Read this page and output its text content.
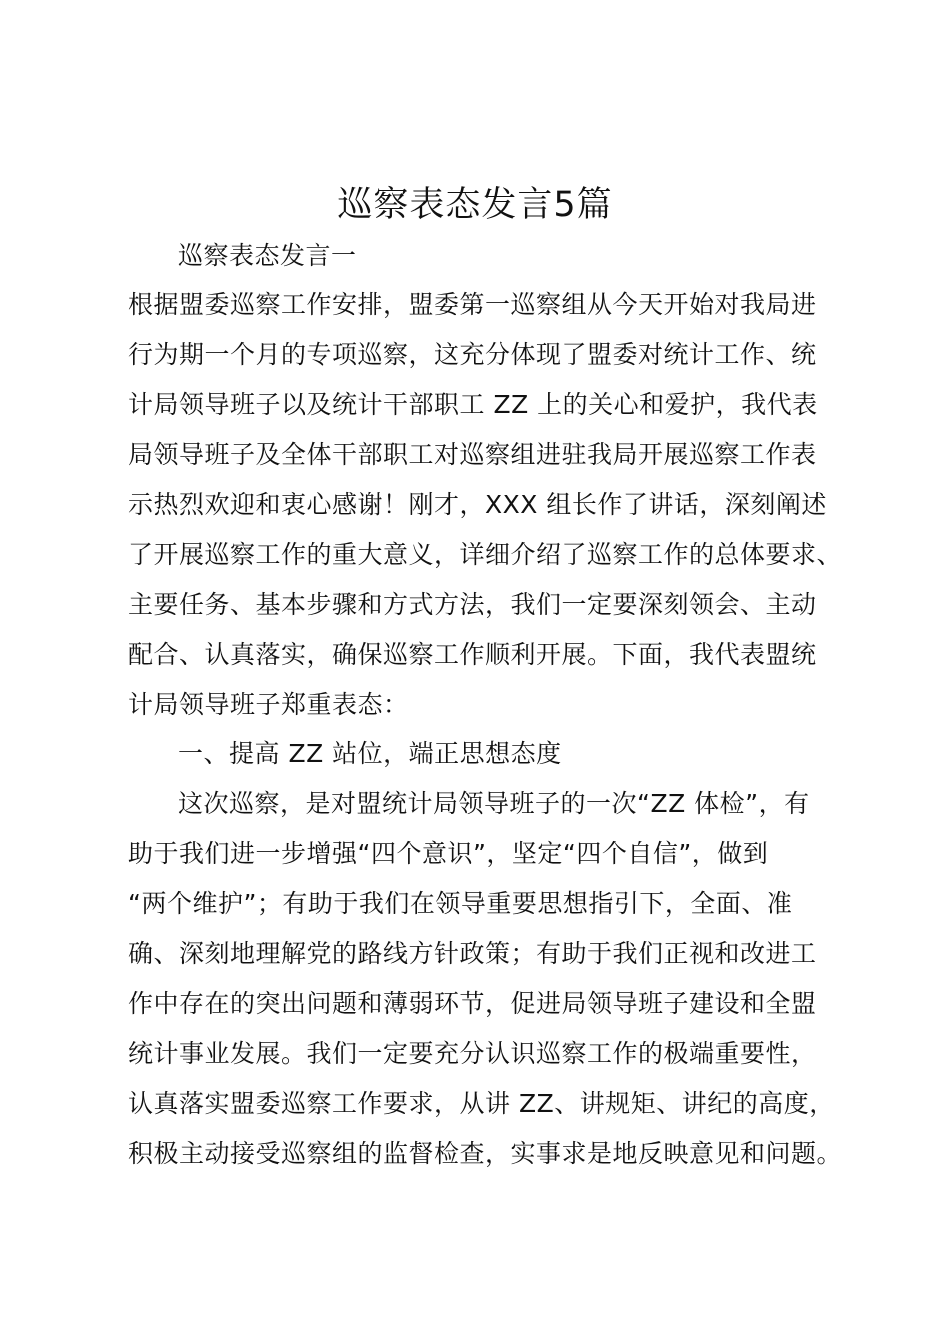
巡察表态发言5篇
巡察表态发言一
根据盟委巡察工作安排，盟委第一巡察组从今天开始对我局进
行为期一个月的专项巡察，这充分体现了盟委对统计工作、统
计局领导班子以及统计干部职工 ZZ 上的关心和爱护，我代表
局领导班子及全体干部职工对巡察组进驻我局开展巡察工作表
示热烈欢迎和衷心感谢！刚才，XXX 组长作了讲话，深刻阐述
了开展巡察工作的重大意义，详细介绍了巡察工作的总体要求、
主要任务、基本步骤和方式方法，我们一定要深刻领会、主动
配合、认真落实，确保巡察工作顺利开展。下面，我代表盟统
计局领导班子郑重表态：
一、提高 ZZ 站位，端正思想态度
这次巡察，是对盟统计局领导班子的一次“ZZ 体检”，有
助于我们进一步增强“四个意识”，坚定“四个自信”，做到
“两个维护”；有助于我们在领导重要思想指引下，全面、准
确、深刻地理解党的路线方针政策；有助于我们正视和改进工
作中存在的突出问题和薄弱环节，促进局领导班子建设和全盟
统计事业发展。我们一定要充分认识巡察工作的极端重要性，
认真落实盟委巡察工作要求，从讲 ZZ、讲规矩、讲纪的高度，
积极主动接受巡察组的监督检查，实事求是地反映意见和问题。
